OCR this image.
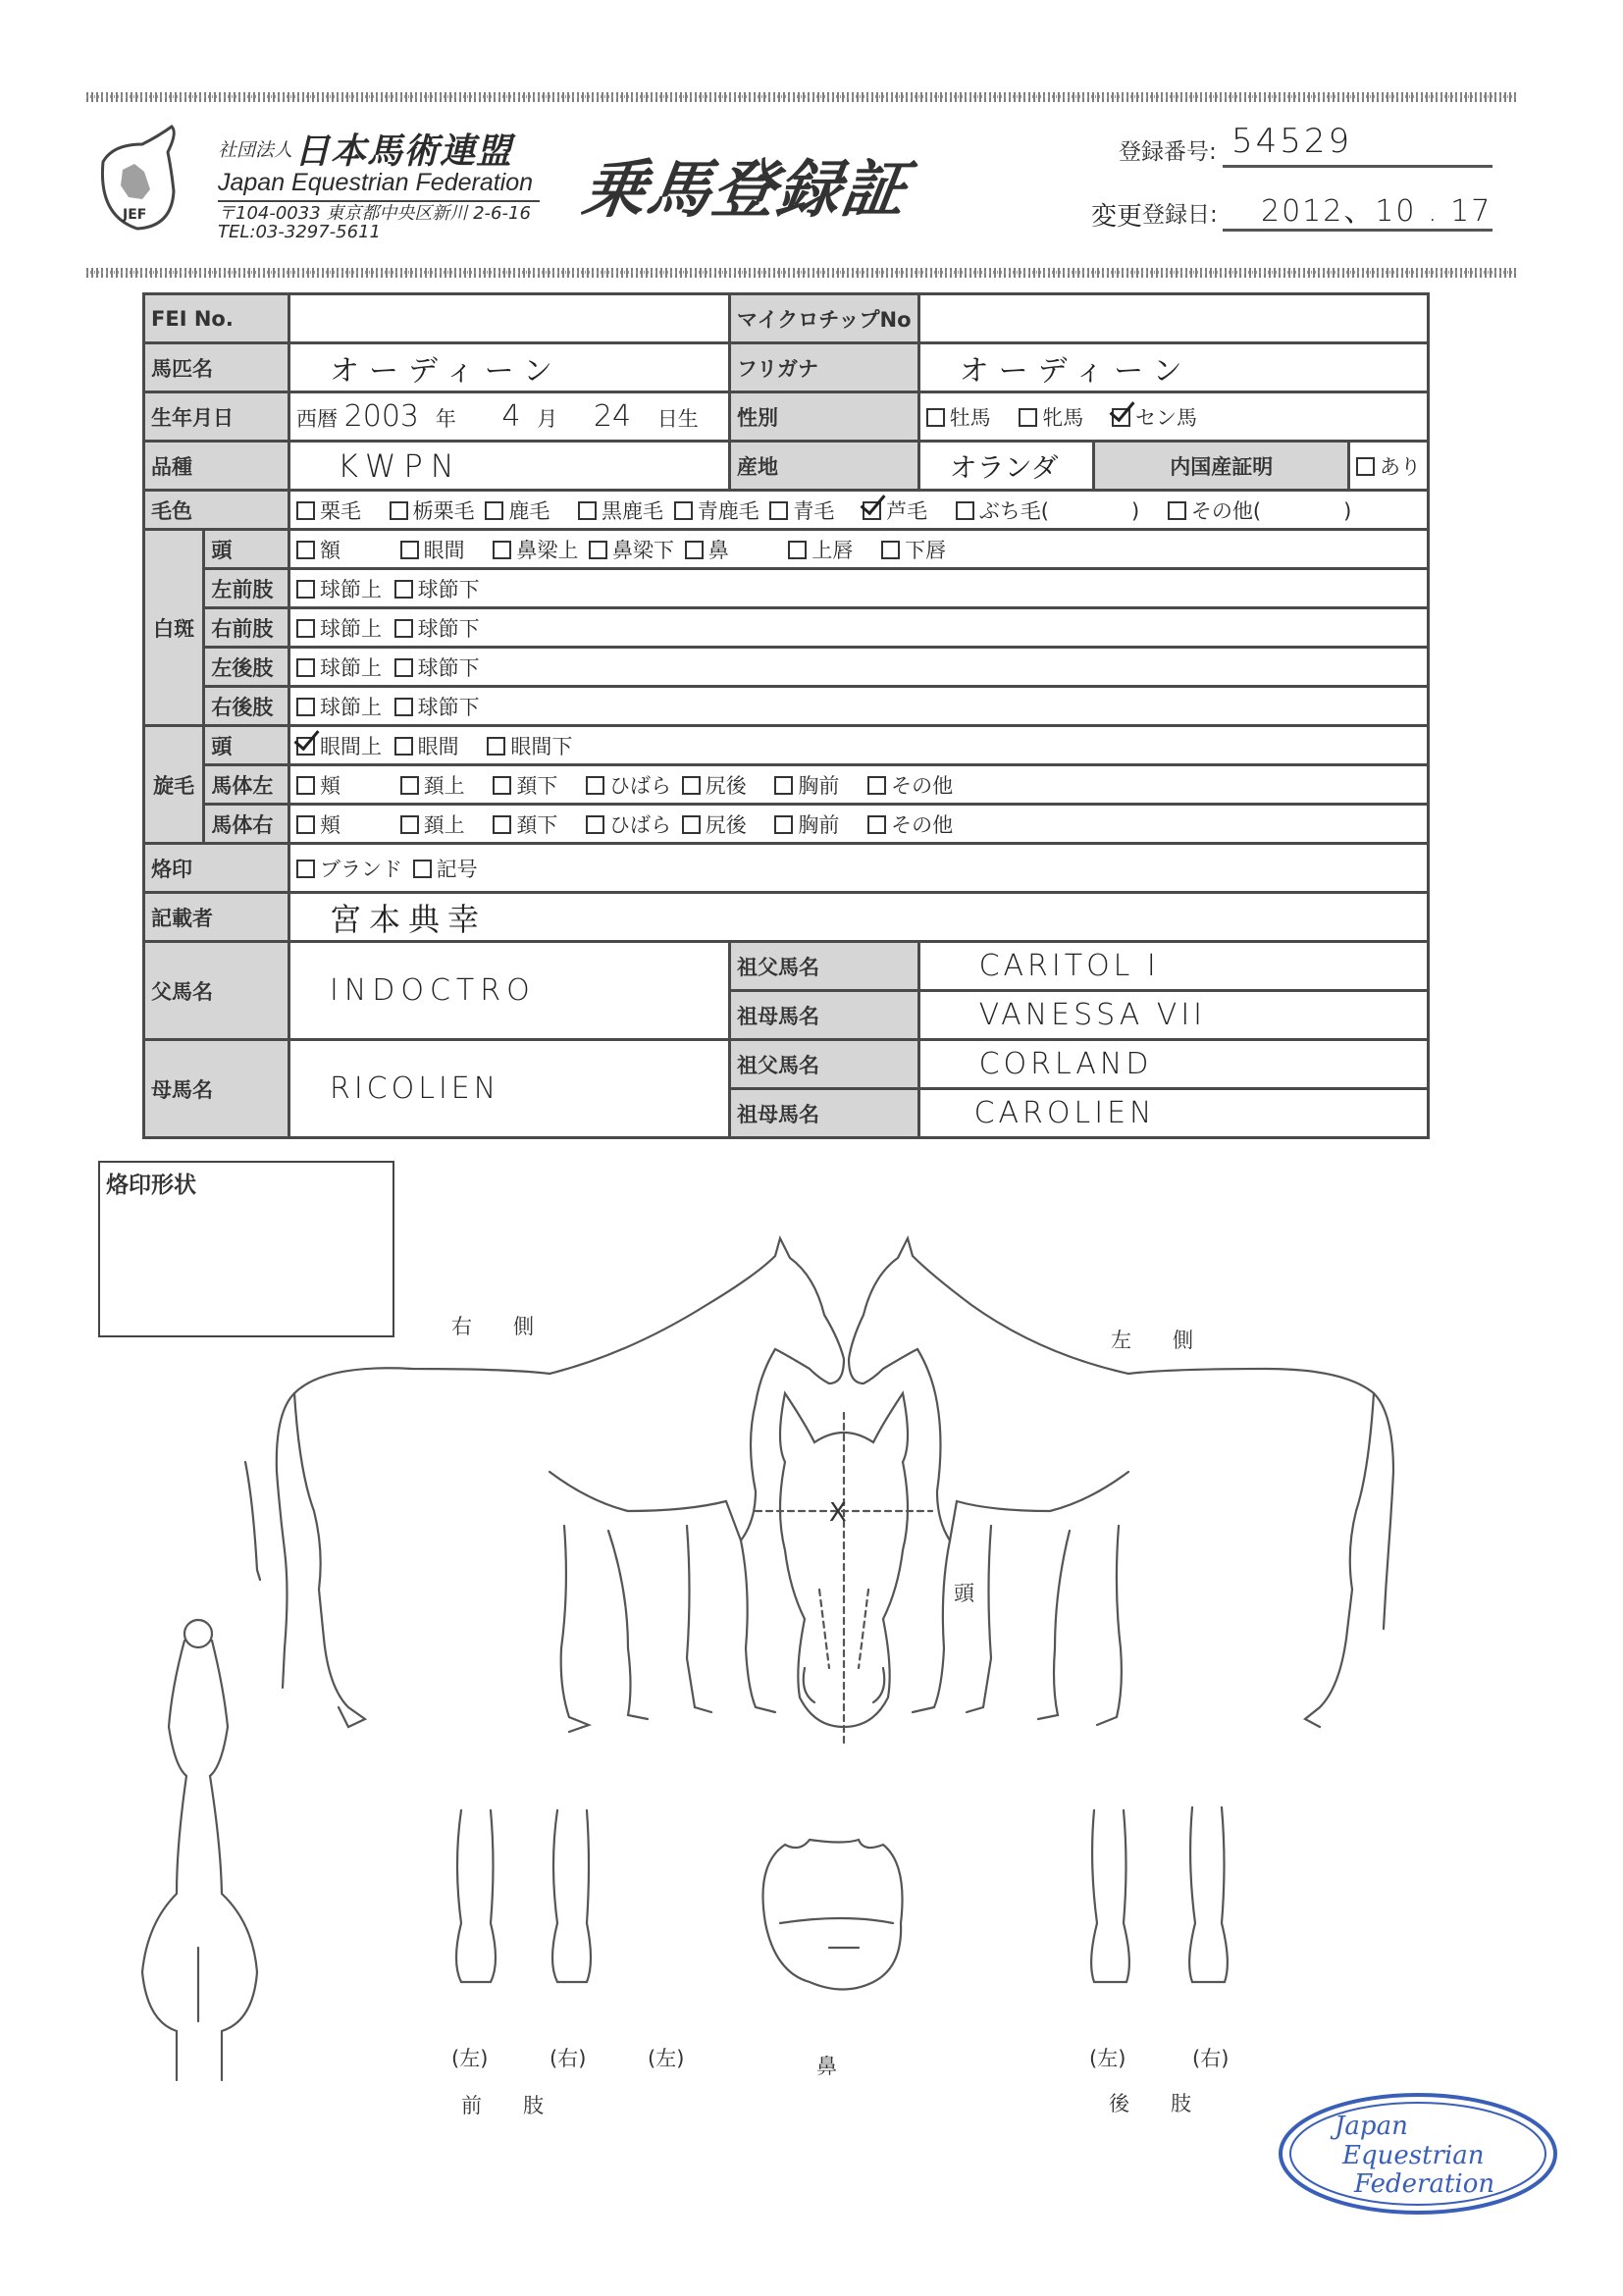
JEF
社団法人 日本馬術連盟
Japan Equestrian Federation
〒104-0033 東京都中央区新川 2-6-16
TEL:03-3297-5611
乗馬登録証
登録番号: 54529
変更 登録日: 2012、10 . 17
FEI No.			マイクロチップNo			
馬匹名		オーディーン	フリガナ	オーディーン		
生年月日		西暦 2003 年 4 月 24 日生	性別	牡馬 牝馬 セン馬		
品種		KWPN	産地	オランダ	内国産証明	あり
毛色		栗毛 栃栗毛 鹿毛 黒鹿毛 青鹿毛 青毛 芦毛 ぶち毛(　　　　) その他(　　　　)				
白斑	頭	額 眼間 鼻梁上 鼻梁下 鼻 上唇 下唇				
	左前肢	球節上 球節下				
	右前肢	球節上 球節下				
	左後肢	球節上 球節下				
	右後肢	球節上 球節下				
旋毛	頭	眼間上 眼間 眼間下				
	馬体左	頬 頚上 頚下 ひばら 尻後 胸前 その他				
	馬体右	頬 頚上 頚下 ひばら 尻後 胸前 その他				
烙印		ブランド 記号				
記載者		宮本典幸				
父馬名		INDOCTRO	祖父馬名	CARITOL I		
			祖母馬名	VANESSA VII		
母馬名		RICOLIEN	祖父馬名	CORLAND		
			祖母馬名	CAROLIEN		
烙印形状
右　　側
左　　側
頭
(左)
(左)	(右)
前　　肢
鼻	(左)	(右)
後　　肢
X
Japan
Equestrian
Federation
